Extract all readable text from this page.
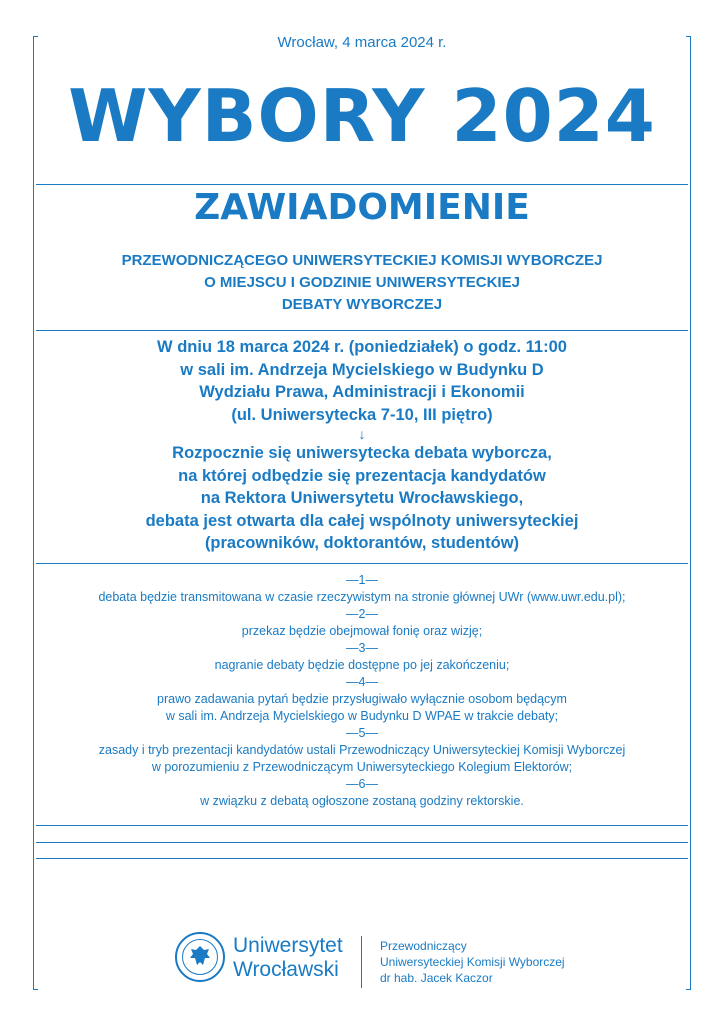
Wrocław, 4 marca 2024 r.
WYBORY 2024
ZAWIADOMIENIE
PRZEWODNICZĄCEGO UNIWERSYTECKIEJ KOMISJI WYBORCZEJ
O MIEJSCU I GODZINIE UNIWERSYTECKIEJ
DEBATY WYBORCZEJ
W dniu 18 marca 2024 r. (poniedziałek) o godz. 11:00
w sali im. Andrzeja Mycielskiego w Budynku D
Wydziału Prawa, Administracji i Ekonomii
(ul. Uniwersytecka 7-10, III piętro)
↓
Rozpocznie się uniwersytecka debata wyborcza,
na której odbędzie się prezentacja kandydatów
na Rektora Uniwersytetu Wrocławskiego,
debata jest otwarta dla całej wspólnoty uniwersyteckiej
(pracowników, doktorantów, studentów)
—1—
debata będzie transmitowana w czasie rzeczywistym na stronie głównej UWr (www.uwr.edu.pl);
—2—
przekaz będzie obejmował fonię oraz wizję;
—3—
nagranie debaty będzie dostępne po jej zakończeniu;
—4—
prawo zadawania pytań będzie przysługiwało wyłącznie osobom będącym
w sali im. Andrzeja Mycielskiego w Budynku D WPAE w trakcie debaty;
—5—
zasady i tryb prezentacji kandydatów ustali Przewodniczący Uniwersyteckiej Komisji Wyborczej
w porozumieniu z Przewodniczącym Uniwersyteckiego Kolegium Elektorów;
—6—
w związku z debatą ogłoszone zostaną godziny rektorskie.
Uniwersytet
Wrocławski
Przewodniczący
Uniwersyteckiej Komisji Wyborczej
dr hab. Jacek Kaczor
